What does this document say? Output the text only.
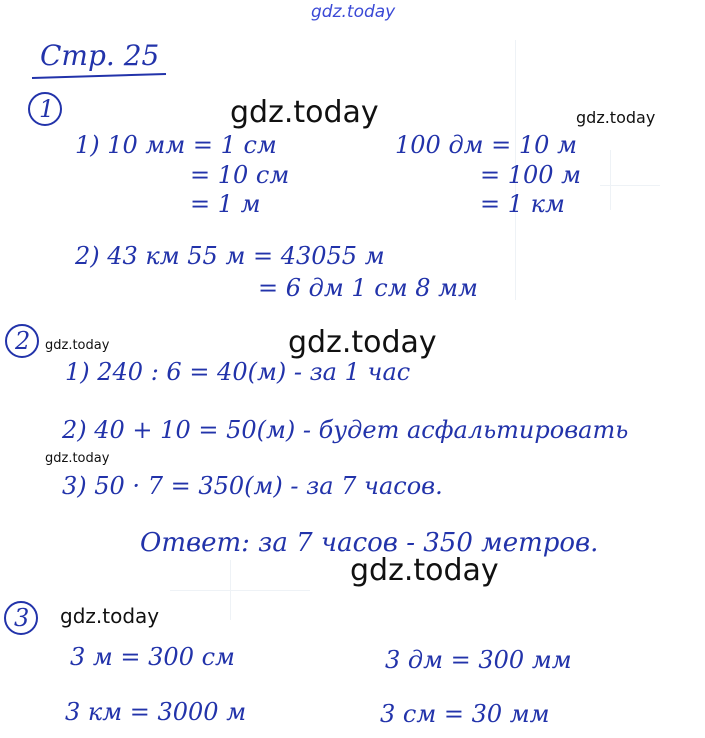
gdz.today
Стр. 25
1
1) 10 мм = 1 см
= 10 см
= 1 м
100 дм = 10 м
= 100 м
= 1 км
2) 43 км 55 м = 43055 м
= 6 дм 1 см 8 мм
2
1) 240 : 6 = 40(м) - за 1 час
2) 40 + 10 = 50(м) - будет асфальтировать
3) 50 · 7 = 350(м) - за 7 часов.
Ответ: за 7 часов - 350 метров.
3
3 м = 300 см	3 дм = 300 мм
3 км = 3000 м	3 см = 30 мм
gdz.today	gdz.today
gdz.today
gdz.today
gdz.today
gdz.today
gdz.today
